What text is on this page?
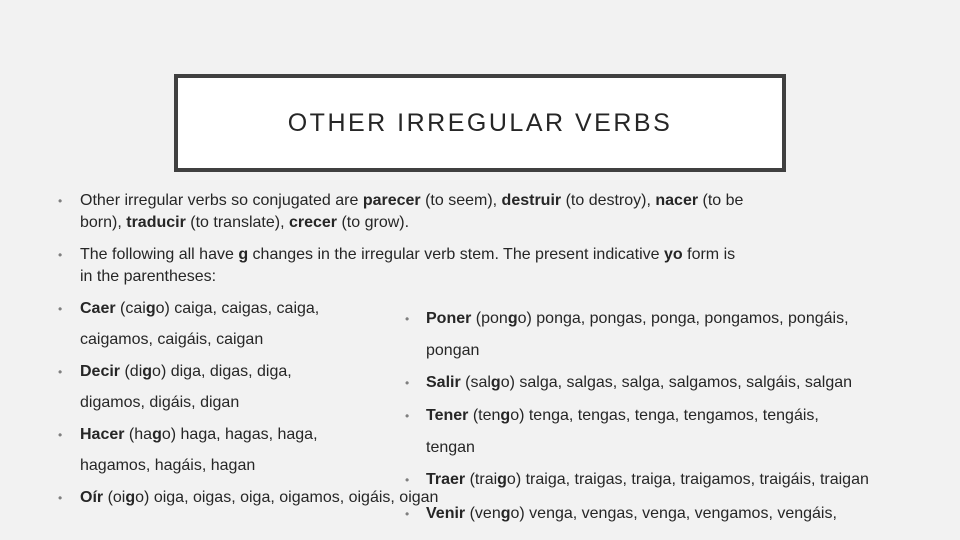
OTHER IRREGULAR VERBS
• Other irregular verbs so conjugated are parecer (to seem), destruir (to destroy), nacer (to be
born), traducir (to translate), crecer (to grow).
• The following all have g changes in the irregular verb stem. The present indicative yo form is
in the parentheses:
• Caer (caigo) caiga, caigas, caiga,
caigamos, caigáis, caigan
• Decir (digo) diga, digas, diga,
digamos, digáis, digan
• Hacer (hago) haga, hagas, haga,
hagamos, hagáis, hagan
• Oír (oigo) oiga, oigas, oiga, oigamos, oigáis, oigan
• Poner (pongo) ponga, pongas, ponga, pongamos, pongáis,
pongan
• Salir (salgo) salga, salgas, salga, salgamos, salgáis, salgan
• Tener (tengo) tenga, tengas, tenga, tengamos, tengáis,
tengan
• Traer (traigo) traiga, traigas, traiga, traigamos, traigáis, traigan
• Venir (vengo) venga, vengas, venga, vengamos, vengáis,
